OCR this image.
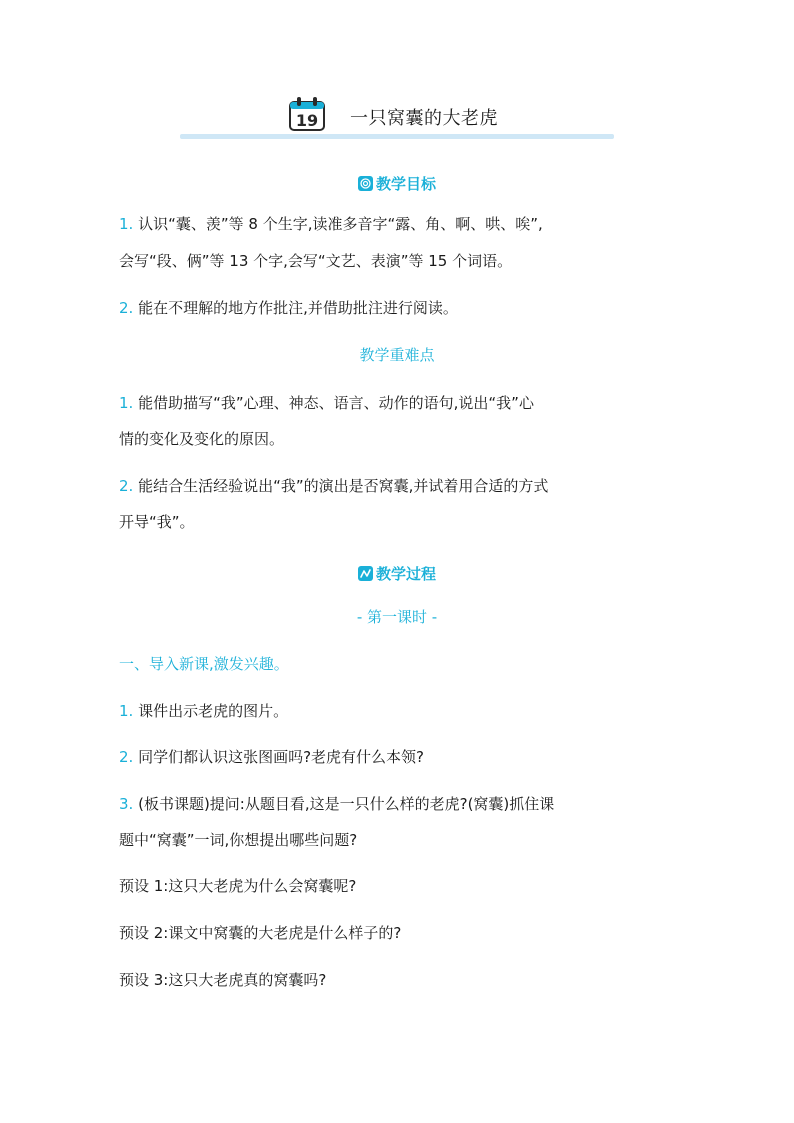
19 一只窝囊的大老虎
教学目标
1. 认识“囊、羡”等 8 个生字,读准多音字“露、角、啊、哄、唉”,
会写“段、俩”等 13 个字,会写“文艺、表演”等 15 个词语。
2. 能在不理解的地方作批注,并借助批注进行阅读。
教学重难点
1. 能借助描写“我”心理、神态、语言、动作的语句,说出“我”心
情的变化及变化的原因。
2. 能结合生活经验说出“我”的演出是否窝囊,并试着用合适的方式
开导“我”。
教学过程
- 第一课时 -
一、导入新课,激发兴趣。
1. 课件出示老虎的图片。
2. 同学们都认识这张图画吗?老虎有什么本领?
3. (板书课题)提问:从题目看,这是一只什么样的老虎?(窝囊)抓住课
题中“窝囊”一词,你想提出哪些问题?
预设 1:这只大老虎为什么会窝囊呢?
预设 2:课文中窝囊的大老虎是什么样子的?
预设 3:这只大老虎真的窝囊吗?
